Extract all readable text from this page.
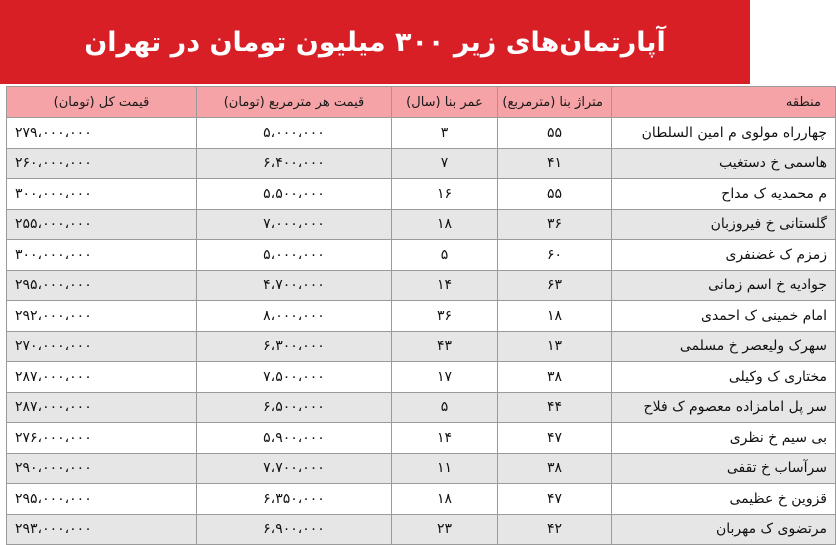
آپارتمان‌های زیر ۳۰۰ میلیون تومان در تهران
منطقه	متراژ بنا (مترمربع)	عمر بنا (سال)	قیمت هر مترمربع (تومان)	قیمت کل (تومان)
چهارراه مولوی م امین السلطان	۵۵	۳	۵،۰۰۰،۰۰۰	۲۷۹،۰۰۰،۰۰۰
هاسمی خ دستغیب	۴۱	۷	۶،۴۰۰،۰۰۰	۲۶۰،۰۰۰،۰۰۰
م محمدیه ک مداح	۵۵	۱۶	۵،۵۰۰،۰۰۰	۳۰۰،۰۰۰،۰۰۰
گلستانی خ فیروزبان	۳۶	۱۸	۷،۰۰۰،۰۰۰	۲۵۵،۰۰۰،۰۰۰
زمزم ک غضنفری	۶۰	۵	۵،۰۰۰،۰۰۰	۳۰۰،۰۰۰،۰۰۰
جوادیه خ اسم زمانی	۶۳	۱۴	۴،۷۰۰،۰۰۰	۲۹۵،۰۰۰،۰۰۰
امام خمینی ک احمدی	۱۸	۳۶	۸،۰۰۰،۰۰۰	۲۹۲،۰۰۰،۰۰۰
سهرک ولیعصر خ مسلمی	۱۳	۴۳	۶،۳۰۰،۰۰۰	۲۷۰،۰۰۰،۰۰۰
مختاری ک وکیلی	۳۸	۱۷	۷،۵۰۰،۰۰۰	۲۸۷،۰۰۰،۰۰۰
سر پل امامزاده معصوم ک فلاح	۴۴	۵	۶،۵۰۰،۰۰۰	۲۸۷،۰۰۰،۰۰۰
بی سیم خ نظری	۴۷	۱۴	۵،۹۰۰،۰۰۰	۲۷۶،۰۰۰،۰۰۰
سرآساب خ تقفی	۳۸	۱۱	۷،۷۰۰،۰۰۰	۲۹۰،۰۰۰،۰۰۰
قزوین خ عظیمی	۴۷	۱۸	۶،۳۵۰،۰۰۰	۲۹۵،۰۰۰،۰۰۰
مرتضوی ک مهربان	۴۲	۲۳	۶،۹۰۰،۰۰۰	۲۹۳،۰۰۰،۰۰۰
